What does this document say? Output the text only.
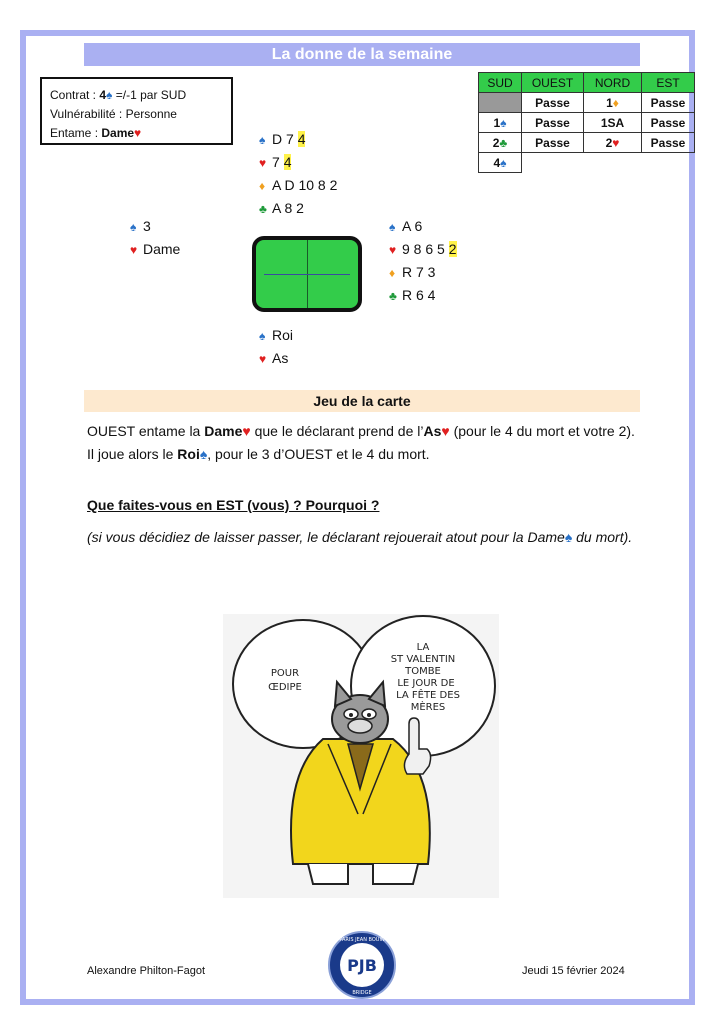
La donne de la semaine
Contrat : 4♠ =/-1 par SUD
Vulnérabilité : Personne
Entame : Dame♥
SUD	OUEST	NORD	EST
	Passe	1♦	Passe
1♠	Passe	1SA	Passe
2♣	Passe	2♥	Passe
4♠			
♠ D 7 4
♥ 7 4
♦ A D 10 8 2
♣ A 8 2
♠ 3
♥ Dame
♠ A 6
♥ 9 8 6 5 2
♦ R 7 3
♣ R 6 4
♠ Roi
♥ As
Jeu de la carte
OUEST entame la Dame♥ que le déclarant prend de l’As♥ (pour le 4 du mort et votre 2). Il joue alors le Roi♠, pour le 3 d’OUEST et le 4 du mort.
Que faites-vous en EST (vous) ? Pourquoi ?
(si vous décidiez de laisser passer, le déclarant rejouerait atout pour la Dame♠ du mort).
POUR
ŒDIPE
LA
ST VALENTIN
TOMBE
LE JOUR DE
LA FÊTE DES
MÈRES
Alexandre Philton-Fagot	PJB
PARIS JEAN BOUIN
BRIDGE
Jeudi 15 février 2024
